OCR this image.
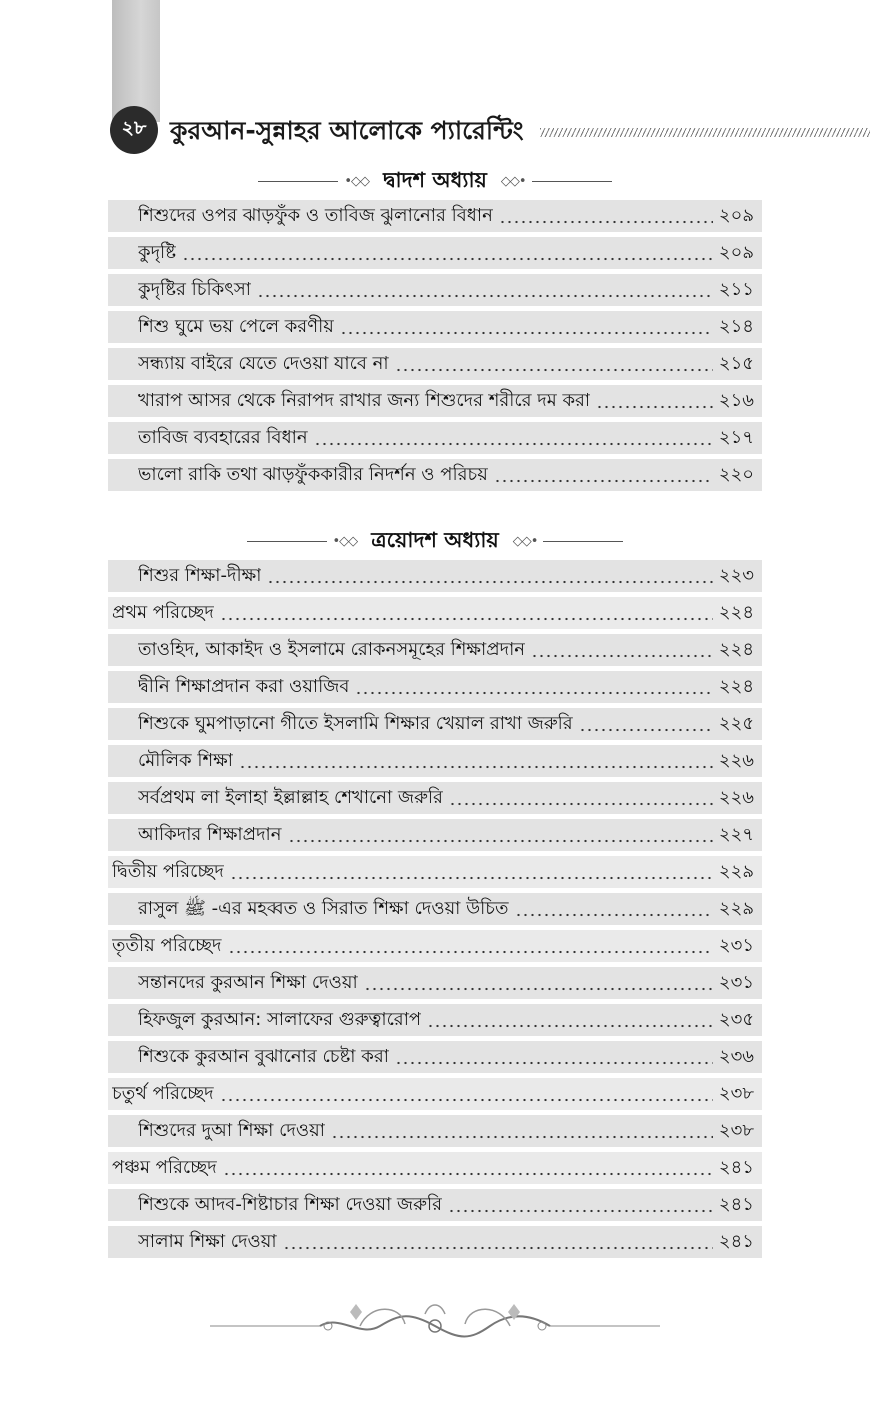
২৮ কুরআন-সুন্নাহর আলোকে প্যারেন্টিং
•◇◇ দ্বাদশ অধ্যায় ◇◇•
শিশুদের ওপর ঝাড়ফুঁক ও তাবিজ ঝুলানোর বিধান	২০৯
কুদৃষ্টি	২০৯
কুদৃষ্টির চিকিৎসা	২১১
শিশু ঘুমে ভয় পেলে করণীয়	২১৪
সন্ধ্যায় বাইরে যেতে দেওয়া যাবে না	২১৫
খারাপ আসর থেকে নিরাপদ রাখার জন্য শিশুদের শরীরে দম করা	২১৬
তাবিজ ব্যবহারের বিধান	২১৭
ভালো রাকি তথা ঝাড়ফুঁককারীর নিদর্শন ও পরিচয়	২২০
•◇◇ ত্রয়োদশ অধ্যায় ◇◇•
শিশুর শিক্ষা-দীক্ষা	২২৩
প্রথম পরিচ্ছেদ	২২৪
তাওহিদ, আকাইদ ও ইসলামে রোকনসমূহের শিক্ষাপ্রদান	২২৪
দ্বীনি শিক্ষাপ্রদান করা ওয়াজিব	২২৪
শিশুকে ঘুমপাড়ানো গীতে ইসলামি শিক্ষার খেয়াল রাখা জরুরি	২২৫
মৌলিক শিক্ষা	২২৬
সর্বপ্রথম লা ইলাহা ইল্লাল্লাহ শেখানো জরুরি	২২৬
আকিদার শিক্ষাপ্রদান	২২৭
দ্বিতীয় পরিচ্ছেদ	২২৯
রাসুল ﷺ -এর মহব্বত ও সিরাত শিক্ষা দেওয়া উচিত	২২৯
তৃতীয় পরিচ্ছেদ	২৩১
সন্তানদের কুরআন শিক্ষা দেওয়া	২৩১
হিফজুল কুরআন: সালাফের গুরুত্বারোপ	২৩৫
শিশুকে কুরআন বুঝানোর চেষ্টা করা	২৩৬
চতুর্থ পরিচ্ছেদ	২৩৮
শিশুদের দুআ শিক্ষা দেওয়া	২৩৮
পঞ্চম পরিচ্ছেদ	২৪১
শিশুকে আদব-শিষ্টাচার শিক্ষা দেওয়া জরুরি	২৪১
সালাম শিক্ষা দেওয়া	২৪১
